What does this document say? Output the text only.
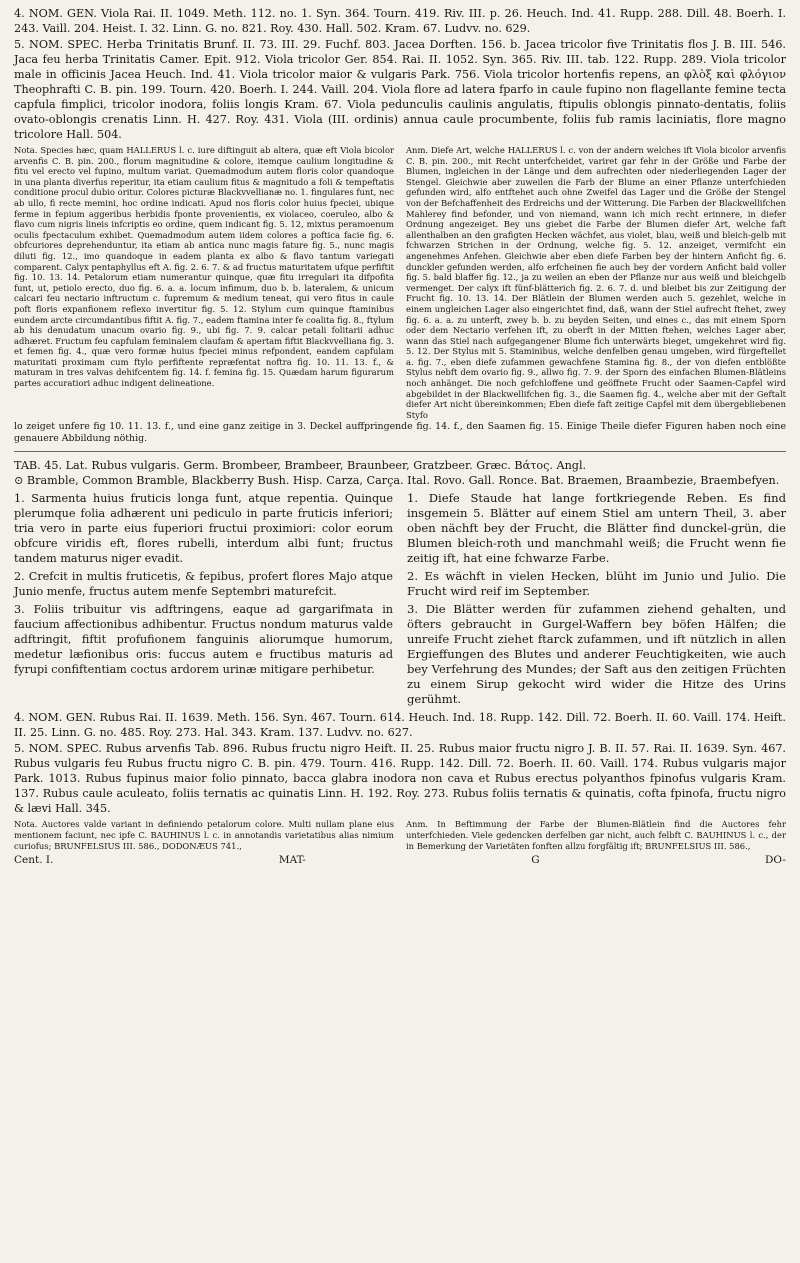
4. NOM. GEN. Viola Rai. II. 1049. Meth. 112. no. 1. Syn. 364. Tourn. 419. Riv. III. p. 26. Heuch. Ind. 41. Rupp. 288. Dill. 48. Boerh. I. 243. Vaill. 204. Heist. I. 32. Linn. G. no. 821. Roy. 430. Hall. 502. Kram. 67. Ludvv. no. 629.

5. NOM. SPEC. Herba Trinitatis Brunf. II. 73. III. 29. Fuchf. 803. Jacea Dorften. 156. b. Jacea tricolor five Trinitatis flos J. B. III. 546. Jaca feu herba Trinitatis Camer. Epit. 912. Viola tricolor Ger. 854. Rai. II. 1052. Syn. 365. Riv. III. tab. 122. Rupp. 289. Viola tricolor male in officinis Jacea Heuch. Ind. 41. Viola tricolor maior & vulgaris Park. 756. Viola tricolor hortenfis repens, an φλὸξ καὶ φλόγιον Theophrafti C. B. pin. 199. Tourn. 420. Boerh. I. 244. Vaill. 204. Viola flore ad latera fparfo in caule fupino non flagellante femine tecta capfula fimplici, tricolor inodora, foliis longis Kram. 67. Viola pedunculis caulinis angulatis, ftipulis oblongis pinnato-dentatis, foliis ovato-oblongis crenatis Linn. H. 427. Roy. 431. Viola (III. ordinis) annua caule procumbente, foliis fub ramis laciniatis, flore magno tricolore Hall. 504.

Nota. Species hæc, quam HALLERUS l. c. iure diftinguit ab altera, quæ eft Viola bicolor arvenfis C. B. pin. 200., florum magnitudine & colore, itemque caulium longitudine & fitu vel erecto vel fupino, multum variat. Quemadmodum autem floris color quandoque in una planta diverfus reperitur, ita etiam caulium fitus & magnitudo a foli & tempeftatis conditione procul dubio oritur. Colores picturæ Blackvvellianæ no. 1. fingulares funt, nec ab ullo, fi recte memini, hoc ordine indicati. Apud nos floris color huius fpeciei, ubique ferme in fepium aggeribus herbidis fponte provenientis, ex violaceo, coeruleo, albo & flavo cum nigris lineis infcriptis eo ordine, quem indicant fig. 5. 12, mixtus peramoenum oculis fpectaculum exhibet. Quemadmodum autem iidem colores a poftica facie fig. 6. obfcuriores deprehenduntur, ita etiam ab antica nunc magis fature fig. 5., nunc magis diluti fig. 12., imo quandoque in eadem planta ex albo & flavo tantum variegati comparent. Calyx pentaphyllus eft A. fig. 2. 6. 7. & ad fructus maturitatem ufque perfiftit fig. 10. 13. 14. Petalorum etiam numerantur quinque, quæ fitu irregulari ita difpofita funt, ut, petiolo erecto, duo fig. 6. a. a. locum infimum, duo b. b. lateralem, & unicum calcari feu nectario inftructum c. fupremum & medium teneat, qui vero fitus in caule poft floris expanfionem reflexo invertitur fig. 5. 12. Stylum cum quinque ftaminibus eundem arcte circumdantibus fiftit A. fig. 7., eadem ftamina inter fe coalita fig. 8., ftylum ab his denudatum unacum ovario fig. 9., ubi fig. 7. 9. calcar petali folitarii adhuc adhæret. Fructum feu capfulam feminalem claufam & apertam fiftit Blackvvelliana fig. 3. et femen fig. 4., quæ vero formæ huius fpeciei minus refpondent, eandem capfulam maturitati proximam cum ftylo perfiftente repræfentat noftra fig. 10. 11. 13. f., & maturam in tres valvas dehifcentem fig. 14. f. femina fig. 15. Quædam harum figurarum partes accuratiori adhuc indigent delineatione.

Anm. Diefe Art, welche HALLERUS l. c. von der andern welches ift Viola bicolor arvenfis C. B. pin. 200., mit Recht unterfcheidet, variret gar fehr in der Größe und Farbe der Blumen, ingleichen in der Länge und dem aufrechten oder niederliegenden Lager der Stengel. Gleichwie aber zuweilen die Farb der Blume an einer Pflanze unterfchieden gefunden wird, alfo entftehet auch ohne Zweifel das Lager und die Größe der Stengel von der Befchaffenheit des Erdreichs und der Witterung. Die Farben der Blackwellifchen Mahlerey find befonder, und von niemand, wann ich mich recht erinnere, in diefer Ordnung angezeiget. Bey uns giebet die Farbe der Blumen diefer Art, welche faft allenthalben an den grafigten Hecken wächfet, aus violet, blau, weiß und bleich-gelb mit fchwarzen Strichen in der Ordnung, welche fig. 5. 12. anzeiget, vermifcht ein angenehmes Anfehen. Gleichwie aber eben diefe Farben bey der hintern Anficht fig. 6. dunckler gefunden werden, alfo erfcheinen fie auch bey der vordern Anficht bald voller fig. 5. bald blaffer fig. 12., ja zu weilen an eben der Pflanze nur aus weiß und bleichgelb vermenget. Der calyx ift fünf-blätterich fig. 2. 6. 7. d. und bleibet bis zur Zeitigung der Frucht fig. 10. 13. 14. Der Blätlein der Blumen werden auch 5. gezehlet, welche in einem ungleichen Lager also eingerichtet find, daß, wann der Stiel aufrecht ftehet, zwey fig. 6. a. a. zu unterft, zwey b. b. zu beyden Seiten, und eines c., das mit einem Sporn oder dem Nectario verfehen ift, zu oberft in der Mitten ftehen, welches Lager aber, wann das Stiel nach aufgegangener Blume fich unterwärts bieget, umgekehret wird fig. 5. 12. Der Stylus mit 5. Staminibus, welche denfelben genau umgeben, wird fürgeftellet a. fig. 7., eben diefe zufammen gewachfene Stamina fig. 8., der von diefen entblößte Stylus nebft dem ovario fig. 9., allwo fig. 7. 9. der Sporn des einfachen Blumen-Blätleins noch anhänget. Die noch gefchloffene und geöffnete Frucht oder Saamen-Capfel wird abgebildet in der Blackwellifchen fig. 3., die Saamen fig. 4., welche aber mit der Geftalt diefer Art nicht übereinkommen; Eben diefe faft zeitige Capfel mit dem übergebliebenen Styfo

lo zeiget unfere fig 10. 11. 13. f., und eine ganz zeitige in 3. Deckel auffpringende fig. 14. f., den Saamen fig. 15. Einige Theile diefer Figuren haben noch eine genauere Abbildung nöthig.

TAB. 45. Lat. Rubus vulgaris. Germ. Brombeer, Brambeer, Braunbeer, Gratzbeer. Græc. Βάτος. Angl.

⊙ Bramble, Common Bramble, Blackberry Bush. Hisp. Carza, Carça. Ital. Rovo. Gall. Ronce. Bat. Braemen, Braambezie, Braembefyen.

1. Sarmenta huius fruticis longa funt, atque repentia. Quinque plerumque folia adhærent uni pediculo in parte fruticis inferiori; tria vero in parte eius fuperiori fructui proximiori: color eorum obfcure viridis eft, flores rubelli, interdum albi funt; fructus tandem maturus niger evadit.

1. Diefe Staude hat lange fortkriegende Reben. Es find insgemein 5. Blätter auf einem Stiel am untern Theil, 3. aber oben nächft bey der Frucht, die Blätter find dunckel-grün, die Blumen bleich-roth und manchmahl weiß; die Frucht wenn fie zeitig ift, hat eine fchwarze Farbe.

2. Crefcit in multis fruticetis, & fepibus, profert flores Majo atque Junio menfe, fructus autem menfe Septembri maturefcit.

2. Es wächft in vielen Hecken, blüht im Junio und Julio. Die Frucht wird reif im September.

3. Foliis tribuitur vis adftringens, eaque ad gargarifmata in faucium affectionibus adhibentur. Fructus nondum maturus valde adftringit, fiftit profufionem fanguinis aliorumque humorum, medetur læfionibus oris: fuccus autem e fructibus maturis ad fyrupi confiftentiam coctus ardorem urinæ mitigare perhibetur.

3. Die Blätter werden für zufammen ziehend gehalten, und öfters gebraucht in Gurgel-Waffern bey böfen Hälfen; die unreife Frucht ziehet ftarck zufammen, und ift nützlich in allen Ergieffungen des Blutes und anderer Feuchtigkeiten, wie auch bey Verfehrung des Mundes; der Saft aus den zeitigen Früchten zu einem Sirup gekocht wird wider die Hitze des Urins gerühmt.

4. NOM. GEN. Rubus Rai. II. 1639. Meth. 156. Syn. 467. Tourn. 614. Heuch. Ind. 18. Rupp. 142. Dill. 72. Boerh. II. 60. Vaill. 174. Heift. II. 25. Linn. G. no. 485. Roy. 273. Hal. 343. Kram. 137. Ludvv. no. 627.

5. NOM. SPEC. Rubus arvenfis Tab. 896. Rubus fructu nigro Heift. II. 25. Rubus maior fructu nigro J. B. II. 57. Rai. II. 1639. Syn. 467. Rubus vulgaris feu Rubus fructu nigro C. B. pin. 479. Tourn. 416. Rupp. 142. Dill. 72. Boerh. II. 60. Vaill. 174. Rubus vulgaris major Park. 1013. Rubus fupinus maior folio pinnato, bacca glabra inodora non cava et Rubus erectus polyanthos fpinofus vulgaris Kram. 137. Rubus caule aculeato, foliis ternatis ac quinatis Linn. H. 192. Roy. 273. Rubus foliis ternatis & quinatis, cofta fpinofa, fructu nigro & lævi Hall. 345.

Nota. Auctores valde variant in definiendo petalorum colore. Multi nullam plane eius mentionem faciunt, nec ipfe C. BAUHINUS l. c. in annotandis varietatibus alias nimium curiofus; BRUNFELSIUS III. 586., DODONÆUS 741.,

Anm. In Beftimmung der Farbe der Blumen-Blätlein find die Auctores fehr unterfchieden. Viele gedencken derfelben gar nicht, auch felbft C. BAUHINUS l. c., der in Bemerkung der Varietäten fonften allzu forgfältig ift; BRUNFELSIUS III. 586.,

Cent. I.	MAT-	G	DO-
